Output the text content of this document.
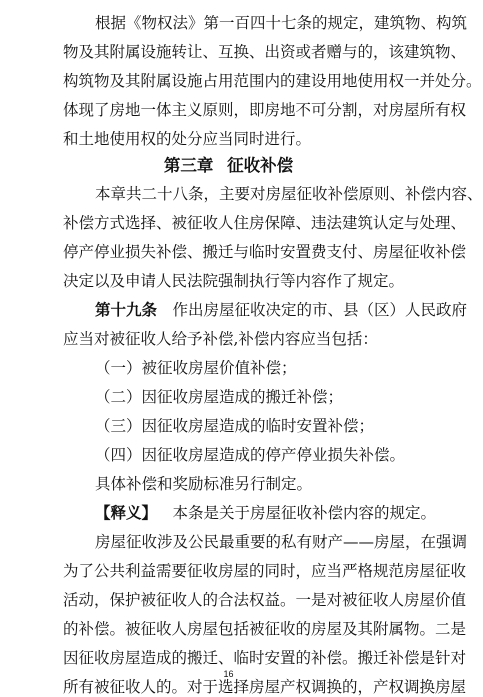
根据《物权法》第一百四十七条的规定，建筑物、构筑
物及其附属设施转让、互换、出资或者赠与的，该建筑物、
构筑物及其附属设施占用范围内的建设用地使用权一并处分。
体现了房地一体主义原则，即房地不可分割，对房屋所有权
和土地使用权的处分应当同时进行。
第三章 征收补偿
本章共二十八条，主要对房屋征收补偿原则、补偿内容、
补偿方式选择、被征收人住房保障、违法建筑认定与处理、
停产停业损失补偿、搬迁与临时安置费支付、房屋征收补偿
决定以及申请人民法院强制执行等内容作了规定。
第十九条  作出房屋征收决定的市、县（区）人民政府
应当对被征收人给予补偿,补偿内容应当包括：
（一）被征收房屋价值补偿；
（二）因征收房屋造成的搬迁补偿；
（三）因征收房屋造成的临时安置补偿；
（四）因征收房屋造成的停产停业损失补偿。
具体补偿和奖励标准另行制定。
【释义】  本条是关于房屋征收补偿内容的规定。
房屋征收涉及公民最重要的私有财产——房屋，在强调
为了公共利益需要征收房屋的同时，应当严格规范房屋征收
活动，保护被征收人的合法权益。一是对被征收人房屋价值
的补偿。被征收人房屋包括被征收的房屋及其附属物。二是
因征收房屋造成的搬迁、临时安置的补偿。搬迁补偿是针对
所有被征收人的。对于选择房屋产权调换的，产权调换房屋
16
